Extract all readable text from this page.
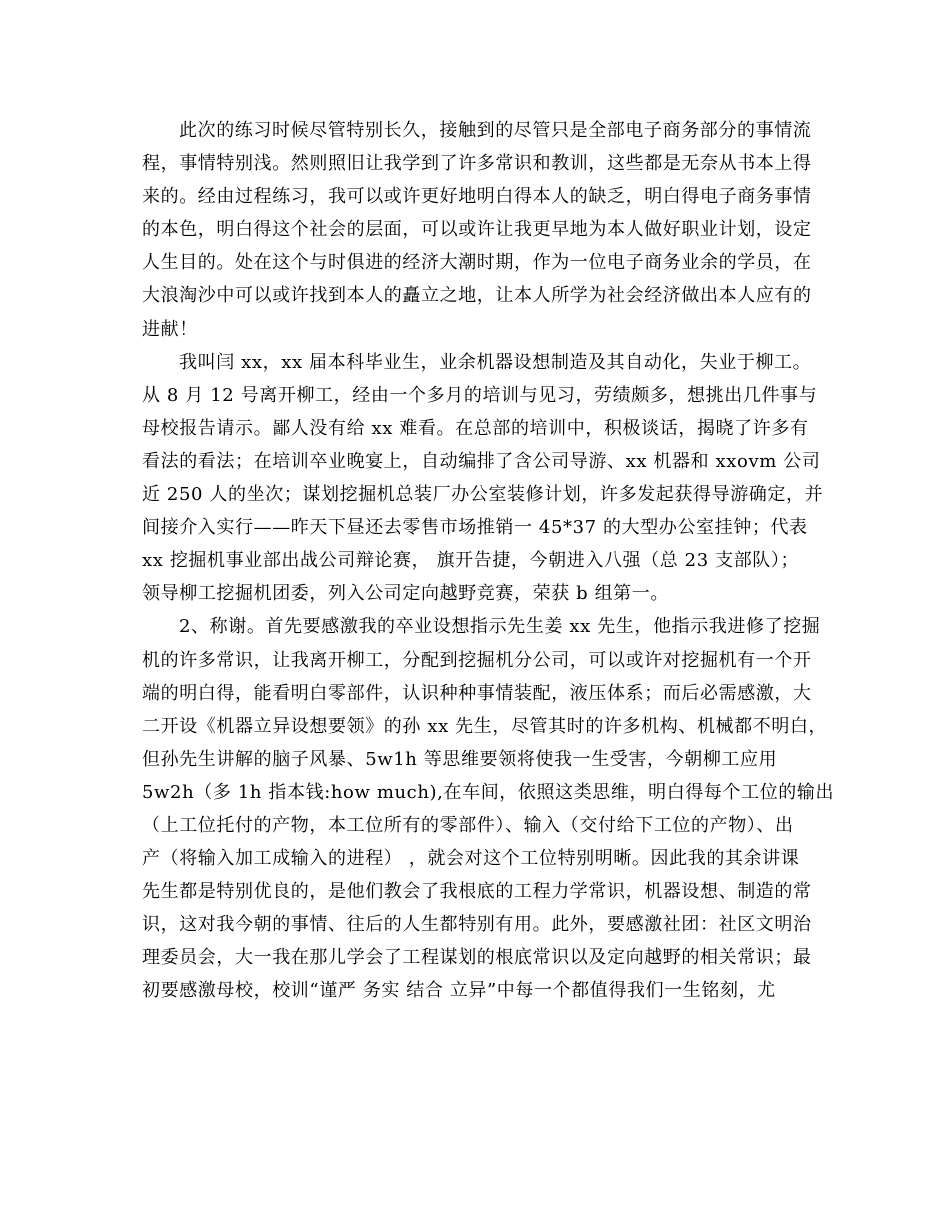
此次的练习时候尽管特别长久，接触到的尽管只是全部电子商务部分的事情流
程，事情特别浅。然则照旧让我学到了许多常识和教训，这些都是无奈从书本上得
来的。经由过程练习，我可以或许更好地明白得本人的缺乏，明白得电子商务事情
的本色，明白得这个社会的层面，可以或许让我更早地为本人做好职业计划，设定
人生目的。处在这个与时俱进的经济大潮时期，作为一位电子商务业余的学员，在
大浪淘沙中可以或许找到本人的矗立之地，让本人所学为社会经济做出本人应有的
进献！

我叫闫 xx，xx 届本科毕业生，业余机器设想制造及其自动化，失业于柳工。
从 8 月 12 号离开柳工，经由一个多月的培训与见习，劳绩颇多，想挑出几件事与
母校报告请示。鄙人没有给 xx 难看。在总部的培训中，积极谈话，揭晓了许多有
看法的看法；在培训卒业晚宴上，自动编排了含公司导游、xx 机器和 xxovm 公司
近 250 人的坐次；谋划挖掘机总装厂办公室装修计划，许多发起获得导游确定，并
间接介入实行——昨天下昼还去零售市场推销一 45*37 的大型办公室挂钟；代表
xx 挖掘机事业部出战公司辩论赛， 旗开告捷，今朝进入八强（总 23 支部队）；
领导柳工挖掘机团委，列入公司定向越野竞赛，荣获 b 组第一。

2、称谢。首先要感激我的卒业设想指示先生姜 xx 先生，他指示我进修了挖掘
机的许多常识，让我离开柳工，分配到挖掘机分公司，可以或许对挖掘机有一个开
端的明白得，能看明白零部件，认识种种事情装配，液压体系；而后必需感激，大
二开设《机器立异设想要领》的孙 xx 先生，尽管其时的许多机构、机械都不明白，
但孙先生讲解的脑子风暴、5w1h 等思维要领将使我一生受害，今朝柳工应用
5w2h（多 1h 指本钱:how much),在车间，依照这类思维，明白得每个工位的输出
（上工位托付的产物，本工位所有的零部件）、输入（交付给下工位的产物）、出
产（将输入加工成输入的进程） ，就会对这个工位特别明晰。因此我的其余讲课
先生都是特别优良的，是他们教会了我根底的工程力学常识，机器设想、制造的常
识，这对我今朝的事情、往后的人生都特别有用。此外，要感激社团：社区文明治
理委员会，大一我在那儿学会了工程谋划的根底常识以及定向越野的相关常识；最
初要感激母校，校训“谨严 务实 结合 立异”中每一个都值得我们一生铭刻，尤
